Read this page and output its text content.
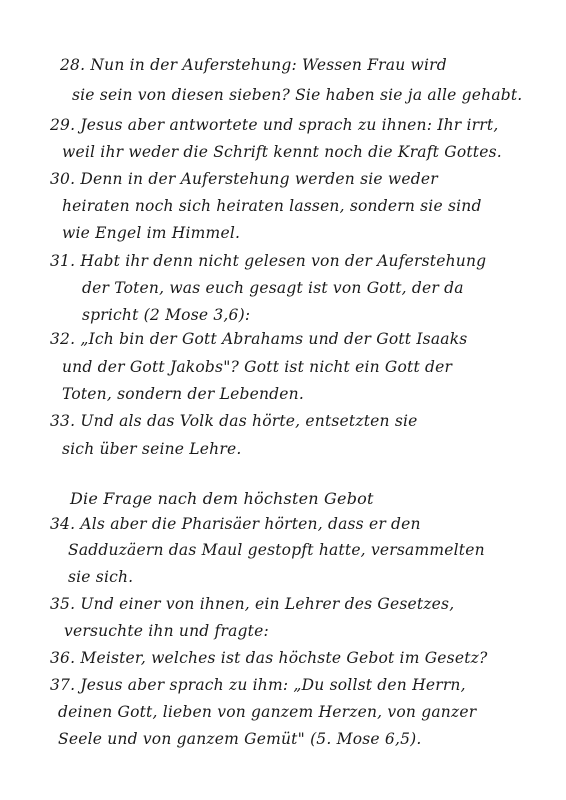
28. Nun in der Auferstehung: Wessen Frau wird
sie sein von diesen sieben? Sie haben sie ja alle gehabt.
29. Jesus aber antwortete und sprach zu ihnen: Ihr irrt,
weil ihr weder die Schrift kennt noch die Kraft Gottes.
30. Denn in der Auferstehung werden sie weder
heiraten noch sich heiraten lassen, sondern sie sind
wie Engel im Himmel.
31. Habt ihr denn nicht gelesen von der Auferstehung
der Toten, was euch gesagt ist von Gott, der da
spricht (2 Mose 3,6):
32. „Ich bin der Gott Abrahams und der Gott Isaaks
und der Gott Jakobs"? Gott ist nicht ein Gott der
Toten, sondern der Lebenden.
33. Und als das Volk das hörte, entsetzten sie
sich über seine Lehre.
Die Frage nach dem höchsten Gebot
34. Als aber die Pharisäer hörten, dass er den
Sadduzäern das Maul gestopft hatte, versammelten
sie sich.
35. Und einer von ihnen, ein Lehrer des Gesetzes,
versuchte ihn und fragte:
36. Meister, welches ist das höchste Gebot im Gesetz?
37. Jesus aber sprach zu ihm: „Du sollst den Herrn,
deinen Gott, lieben von ganzem Herzen, von ganzer
Seele und von ganzem Gemüt" (5. Mose 6,5).
